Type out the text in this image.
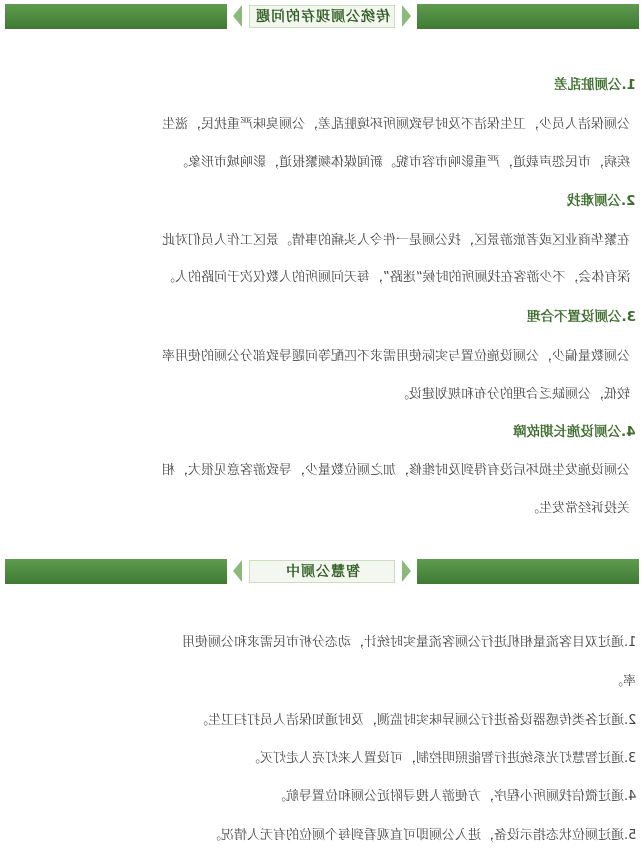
传统公厕现存的问题
1.公厕脏乱差
公厕保洁人员少，卫生保洁不及时导致厕所环境脏乱差，公厕臭味严重扰民，滋生
疾病，市民怨声载道，严重影响市容市貌。新闻媒体频繁报道，影响城市形象。
2.公厕难找
在繁华商业区或者旅游景区，找公厕是一件令人头痛的事情。景区工作人员们对此
深有体会，不少游客在找厕所的时候“迷路”，每天问厕所的人数仅次于问路的人。
3.公厕设置不合理
公厕数量偏少，公厕设施位置与实际使用需求不匹配等问题导致部分公厕的使用率
较低，公厕缺乏合理的分布和规划建设。
4.公厕设施长期故障
公厕设施发生损坏后没有得到及时维修，加之厕位数量少，导致游客意见很大，相
关投诉经常发生。
智慧公厕中
1.通过双目客流量相机进行公厕客流量实时统计，动态分析市民需求和公厕使用
率。
2.通过各类传感器设备进行公厕异味实时监测，及时通知保洁人员打扫卫生。
3.通过智慧灯光系统进行智能照明控制，可设置人来灯亮人走灯灭。
4.通过微信找厕所小程序，方便游人搜寻附近公厕和位置导航。
5.通过厕位状态指示设备，进入公厕即可直观看到每个厕位的有无人情况。
